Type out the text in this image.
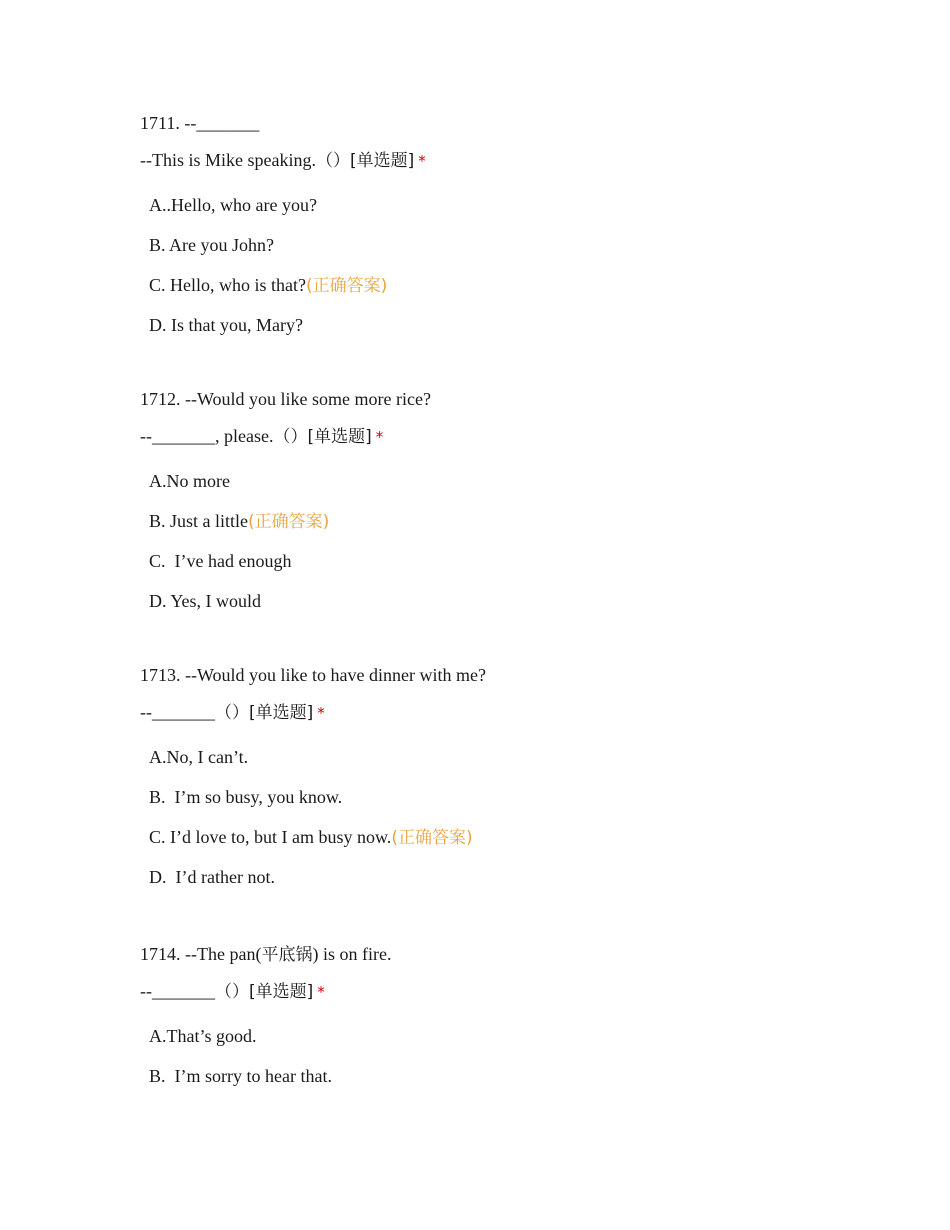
1711. --_______
--This is Mike speaking.（）[单选题] *
A..Hello, who are you?
B. Are you John?
C. Hello, who is that?(正确答案)
D. Is that you, Mary?
1712. --Would you like some more rice?
--_______, please.（）[单选题] *
A.No more
B. Just a little(正确答案)
C.  I’ve had enough
D. Yes, I would
1713. --Would you like to have dinner with me?
--_______（）[单选题] *
A.No, I can’t.
B.  I’m so busy, you know.
C. I’d love to, but I am busy now.(正确答案)
D.  I’d rather not.
1714. --The pan(平底锅) is on fire.
--_______（）[单选题] *
A.That’s good.
B.  I’m sorry to hear that.
